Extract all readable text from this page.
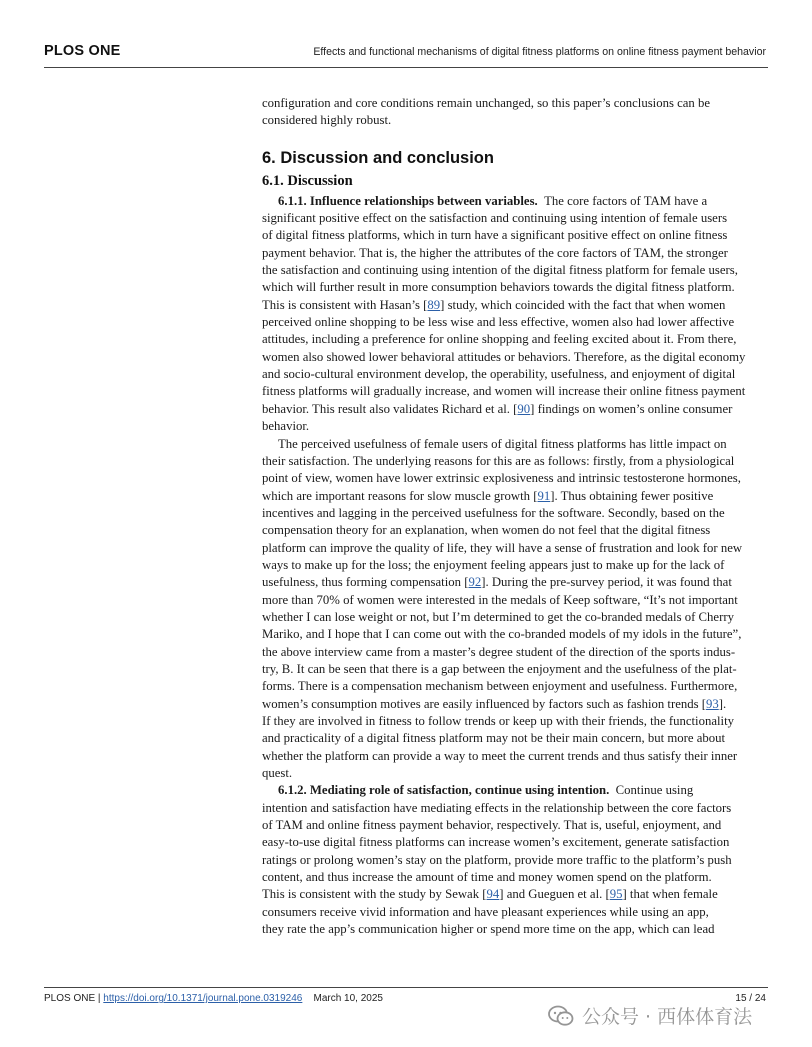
PLOS ONE	Effects and functional mechanisms of digital fitness platforms on online fitness payment behavior
configuration and core conditions remain unchanged, so this paper’s conclusions can be
considered highly robust.
6. Discussion and conclusion
6.1. Discussion
6.1.1. Influence relationships between variables. The core factors of TAM have a
significant positive effect on the satisfaction and continuing using intention of female users
of digital fitness platforms, which in turn have a significant positive effect on online fitness
payment behavior. That is, the higher the attributes of the core factors of TAM, the stronger
the satisfaction and continuing using intention of the digital fitness platform for female users,
which will further result in more consumption behaviors towards the digital fitness platform.
This is consistent with Hasan’s [89] study, which coincided with the fact that when women
perceived online shopping to be less wise and less effective, women also had lower affective
attitudes, including a preference for online shopping and feeling excited about it. From there,
women also showed lower behavioral attitudes or behaviors. Therefore, as the digital economy
and socio-cultural environment develop, the operability, usefulness, and enjoyment of digital
fitness platforms will gradually increase, and women will increase their online fitness payment
behavior. This result also validates Richard et al. [90] findings on women’s online consumer
behavior.
The perceived usefulness of female users of digital fitness platforms has little impact on
their satisfaction. The underlying reasons for this are as follows: firstly, from a physiological
point of view, women have lower extrinsic explosiveness and intrinsic testosterone hormones,
which are important reasons for slow muscle growth [91]. Thus obtaining fewer positive
incentives and lagging in the perceived usefulness for the software. Secondly, based on the
compensation theory for an explanation, when women do not feel that the digital fitness
platform can improve the quality of life, they will have a sense of frustration and look for new
ways to make up for the loss; the enjoyment feeling appears just to make up for the lack of
usefulness, thus forming compensation [92]. During the pre-survey period, it was found that
more than 70% of women were interested in the medals of Keep software, “It’s not important
whether I can lose weight or not, but I’m determined to get the co-branded medals of Cherry
Mariko, and I hope that I can come out with the co-branded models of my idols in the future”,
the above interview came from a master’s degree student of the direction of the sports indus-
try, B. It can be seen that there is a gap between the enjoyment and the usefulness of the plat-
forms. There is a compensation mechanism between enjoyment and usefulness. Furthermore,
women’s consumption motives are easily influenced by factors such as fashion trends [93].
If they are involved in fitness to follow trends or keep up with their friends, the functionality
and practicality of a digital fitness platform may not be their main concern, but more about
whether the platform can provide a way to meet the current trends and thus satisfy their inner
quest.
6.1.2. Mediating role of satisfaction, continue using intention. Continue using
intention and satisfaction have mediating effects in the relationship between the core factors
of TAM and online fitness payment behavior, respectively. That is, useful, enjoyment, and
easy-to-use digital fitness platforms can increase women’s excitement, generate satisfaction
ratings or prolong women’s stay on the platform, provide more traffic to the platform’s push
content, and thus increase the amount of time and money women spend on the platform.
This is consistent with the study by Sewak [94] and Gueguen et al. [95] that when female
consumers receive vivid information and have pleasant experiences while using an app,
they rate the app’s communication higher or spend more time on the app, which can lead
PLOS ONE | https://doi.org/10.1371/journal.pone.0319246 March 10, 2025	15 / 24
公众号 · 西体体育法
